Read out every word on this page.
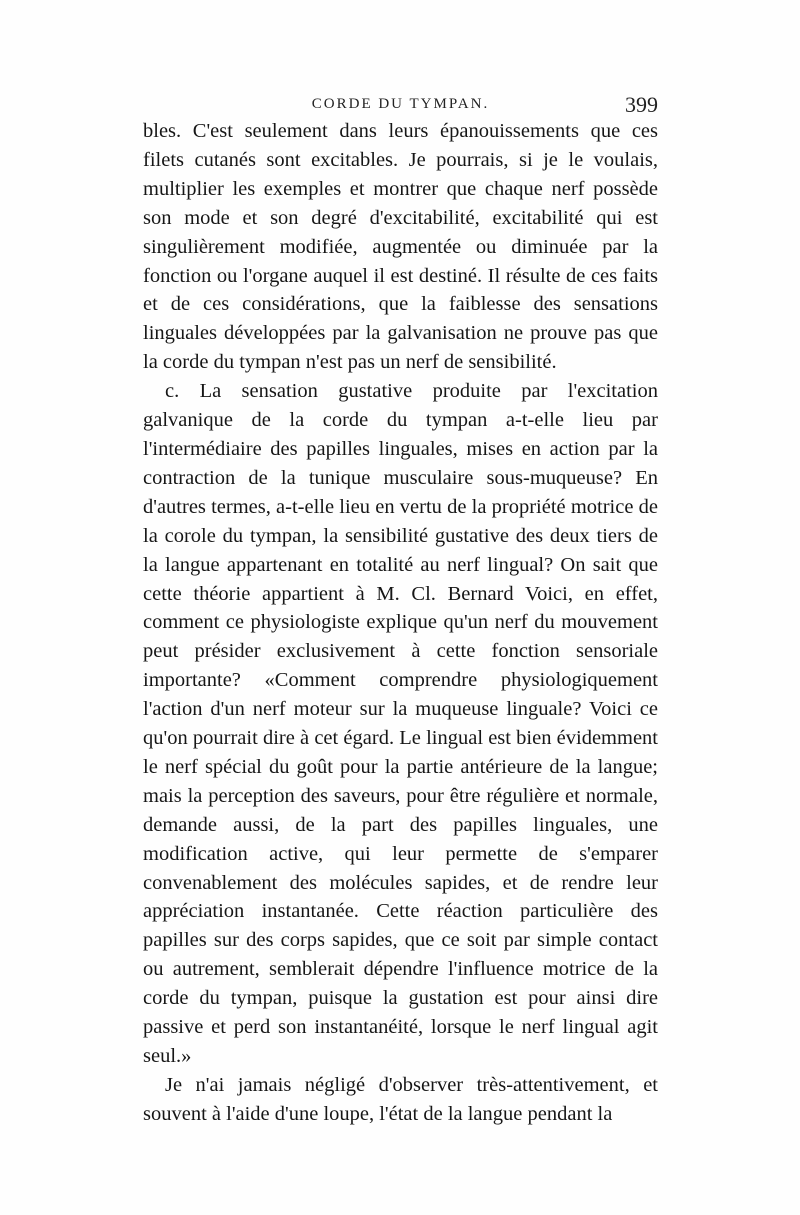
CORDE DU TYMPAN.	399

bles. C'est seulement dans leurs épanouissements que ces filets cutanés sont excitables. Je pourrais, si je le voulais, multiplier les exemples et montrer que chaque nerf possède son mode et son degré d'excitabilité, excitabilité qui est singulièrement modifiée, augmentée ou diminuée par la fonction ou l'organe auquel il est destiné. Il résulte de ces faits et de ces considérations, que la faiblesse des sensations linguales développées par la galvanisation ne prouve pas que la corde du tympan n'est pas un nerf de sensibilité.

c. La sensation gustative produite par l'excitation galvanique de la corde du tympan a-t-elle lieu par l'intermédiaire des papilles linguales, mises en action par la contraction de la tunique musculaire sous-muqueuse? En d'autres termes, a-t-elle lieu en vertu de la propriété motrice de la corole du tympan, la sensibilité gustative des deux tiers de la langue appartenant en totalité au nerf lingual? On sait que cette théorie appartient à M. Cl. Bernard Voici, en effet, comment ce physiologiste explique qu'un nerf du mouvement peut présider exclusivement à cette fonction sensoriale importante? «Comment comprendre physiologiquement l'action d'un nerf moteur sur la muqueuse linguale? Voici ce qu'on pourrait dire à cet égard. Le lingual est bien évidemment le nerf spécial du goût pour la partie antérieure de la langue; mais la perception des saveurs, pour être régulière et normale, demande aussi, de la part des papilles linguales, une modification active, qui leur permette de s'emparer convenablement des molécules sapides, et de rendre leur appréciation instantanée. Cette réaction particulière des papilles sur des corps sapides, que ce soit par simple contact ou autrement, semblerait dépendre l'influence motrice de la corde du tympan, puisque la gustation est pour ainsi dire passive et perd son instantanéité, lorsque le nerf lingual agit seul.»

Je n'ai jamais négligé d'observer très-attentivement, et souvent à l'aide d'une loupe, l'état de la langue pendant la
